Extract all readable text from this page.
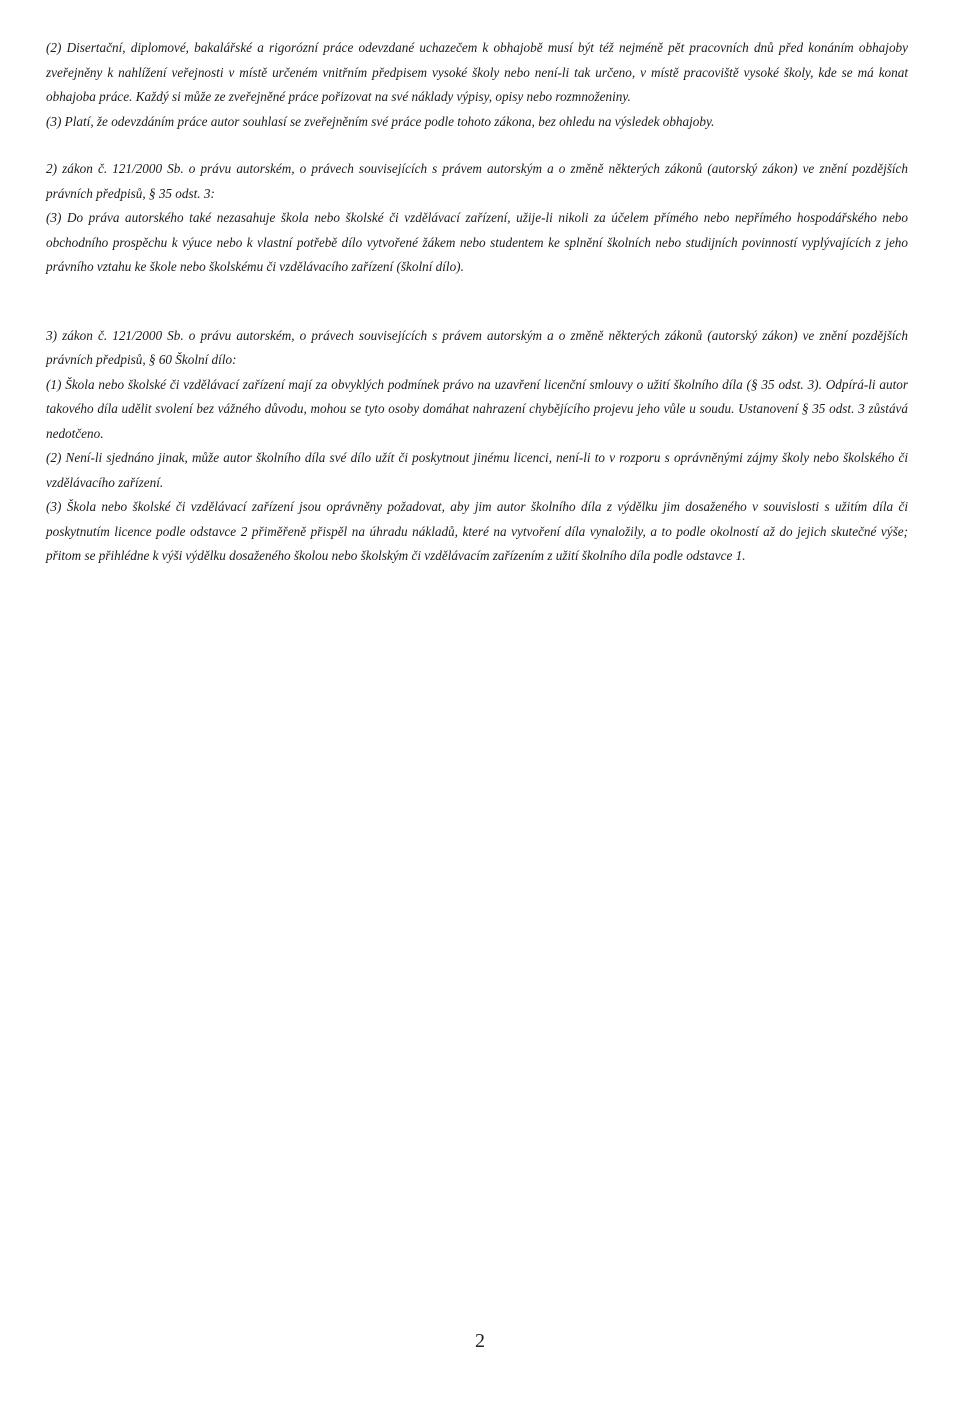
(2) Disertační, diplomové, bakalářské a rigorózní práce odevzdané uchazečem k obhajobě musí být též nejméně pět pracovních dnů před konáním obhajoby zveřejněny k nahlížení veřejnosti v místě určeném vnitřním předpisem vysoké školy nebo není-li tak určeno, v místě pracoviště vysoké školy, kde se má konat obhajoba práce. Každý si může ze zveřejněné práce pořizovat na své náklady výpisy, opisy nebo rozmnoženiny.

(3) Platí, že odevzdáním práce autor souhlasí se zveřejněním své práce podle tohoto zákona, bez ohledu na výsledek obhajoby.

2) zákon č. 121/2000 Sb. o právu autorském, o právech souvisejících s právem autorským a o změně některých zákonů (autorský zákon) ve znění pozdějších právních předpisů, § 35 odst. 3:

(3) Do práva autorského také nezasahuje škola nebo školské či vzdělávací zařízení, užije-li nikoli za účelem přímého nebo nepřímého hospodářského nebo obchodního prospěchu k výuce nebo k vlastní potřebě dílo vytvořené žákem nebo studentem ke splnění školních nebo studijních povinností vyplývajících z jeho právního vztahu ke škole nebo školskému či vzdělávacího zařízení (školní dílo).

3) zákon č. 121/2000 Sb. o právu autorském, o právech souvisejících s právem autorským a o změně některých zákonů (autorský zákon) ve znění pozdějších právních předpisů, § 60 Školní dílo:

(1) Škola nebo školské či vzdělávací zařízení mají za obvyklých podmínek právo na uzavření licenční smlouvy o užití školního díla (§ 35 odst. 3). Odpírá-li autor takového díla udělit svolení bez vážného důvodu, mohou se tyto osoby domáhat nahrazení chybějícího projevu jeho vůle u soudu. Ustanovení § 35 odst. 3 zůstává nedotčeno.

(2) Není-li sjednáno jinak, může autor školního díla své dílo užít či poskytnout jinému licenci, není-li to v rozporu s oprávněnými zájmy školy nebo školského či vzdělávacího zařízení.

(3) Škola nebo školské či vzdělávací zařízení jsou oprávněny požadovat, aby jim autor školního díla z výdělku jim dosaženého v souvislosti s užitím díla či poskytnutím licence podle odstavce 2 přiměřeně přispěl na úhradu nákladů, které na vytvoření díla vynaložily, a to podle okolností až do jejich skutečné výše; přitom se přihlédne k výši výdělku dosaženého školou nebo školským či vzdělávacím zařízením z užití školního díla podle odstavce 1.

2
